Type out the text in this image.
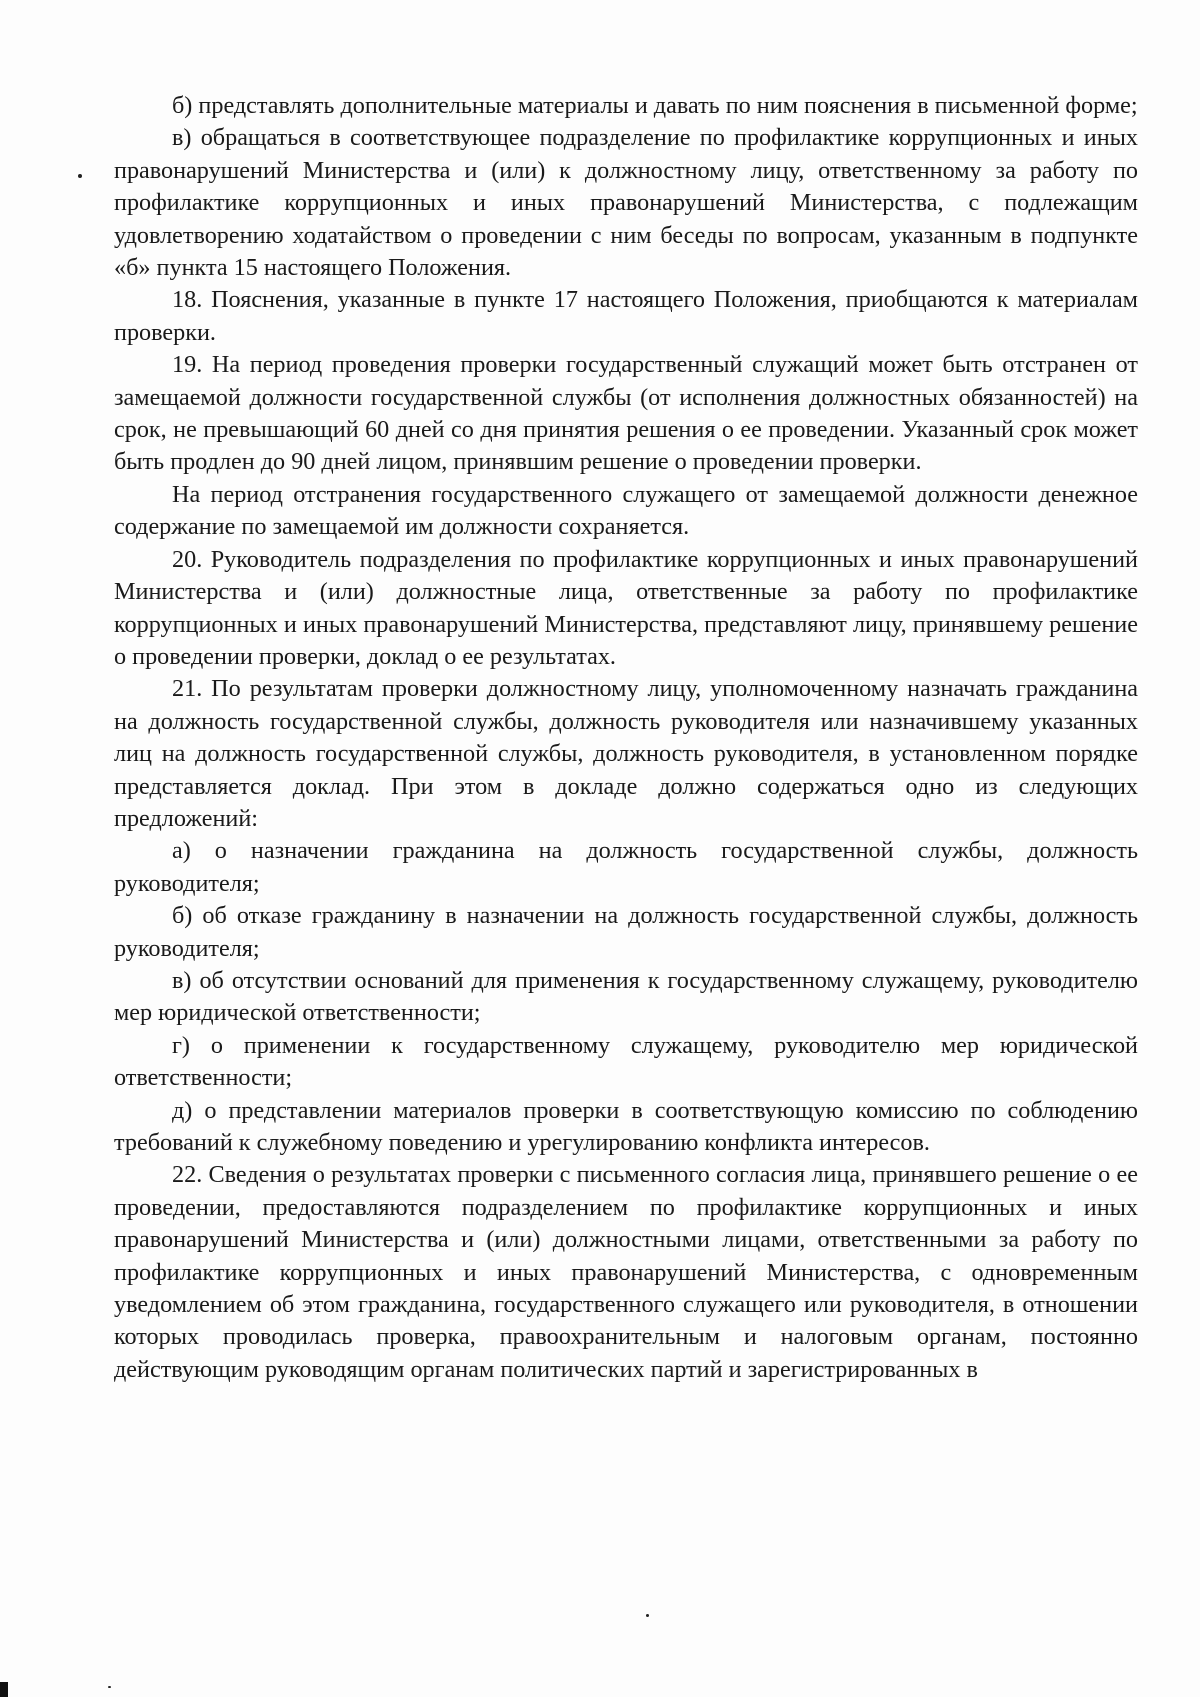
б) представлять дополнительные материалы и давать по ним пояснения в письменной форме;

в) обращаться в соответствующее подразделение по профилактике коррупционных и иных правонарушений Министерства и (или) к должностному лицу, ответственному за работу по профилактике коррупционных и иных правонарушений Министерства, с подлежащим удовлетворению ходатайством о проведении с ним беседы по вопросам, указанным в подпункте «б» пункта 15 настоящего Положения.

18. Пояснения, указанные в пункте 17 настоящего Положения, приобщаются к материалам проверки.

19. На период проведения проверки государственный служащий может быть отстранен от замещаемой должности государственной службы (от исполнения должностных обязанностей) на срок, не превышающий 60 дней со дня принятия решения о ее проведении. Указанный срок может быть продлен до 90 дней лицом, принявшим решение о проведении проверки.

На период отстранения государственного служащего от замещаемой должности денежное содержание по замещаемой им должности сохраняется.

20. Руководитель подразделения по профилактике коррупционных и иных правонарушений Министерства и (или) должностные лица, ответственные за работу по профилактике коррупционных и иных правонарушений Министерства, представляют лицу, принявшему решение о проведении проверки, доклад о ее результатах.

21. По результатам проверки должностному лицу, уполномоченному назначать гражданина на должность государственной службы, должность руководителя или назначившему указанных лиц на должность государственной службы, должность руководителя, в установленном порядке представляется доклад. При этом в докладе должно содержаться одно из следующих предложений:

а) о назначении гражданина на должность государственной службы, должность руководителя;

б) об отказе гражданину в назначении на должность государственной службы, должность руководителя;

в) об отсутствии оснований для применения к государственному служащему, руководителю мер юридической ответственности;

г) о применении к государственному служащему, руководителю мер юридической ответственности;

д) о представлении материалов проверки в соответствующую комиссию по соблюдению требований к служебному поведению и урегулированию конфликта интересов.

22. Сведения о результатах проверки с письменного согласия лица, принявшего решение о ее проведении, предоставляются подразделением по профилактике коррупционных и иных правонарушений Министерства и (или) должностными лицами, ответственными за работу по профилактике коррупционных и иных правонарушений Министерства, с одновременным уведомлением об этом гражданина, государственного служащего или руководителя, в отношении которых проводилась проверка, правоохранительным и налоговым органам, постоянно действующим руководящим органам политических партий и зарегистрированных в
